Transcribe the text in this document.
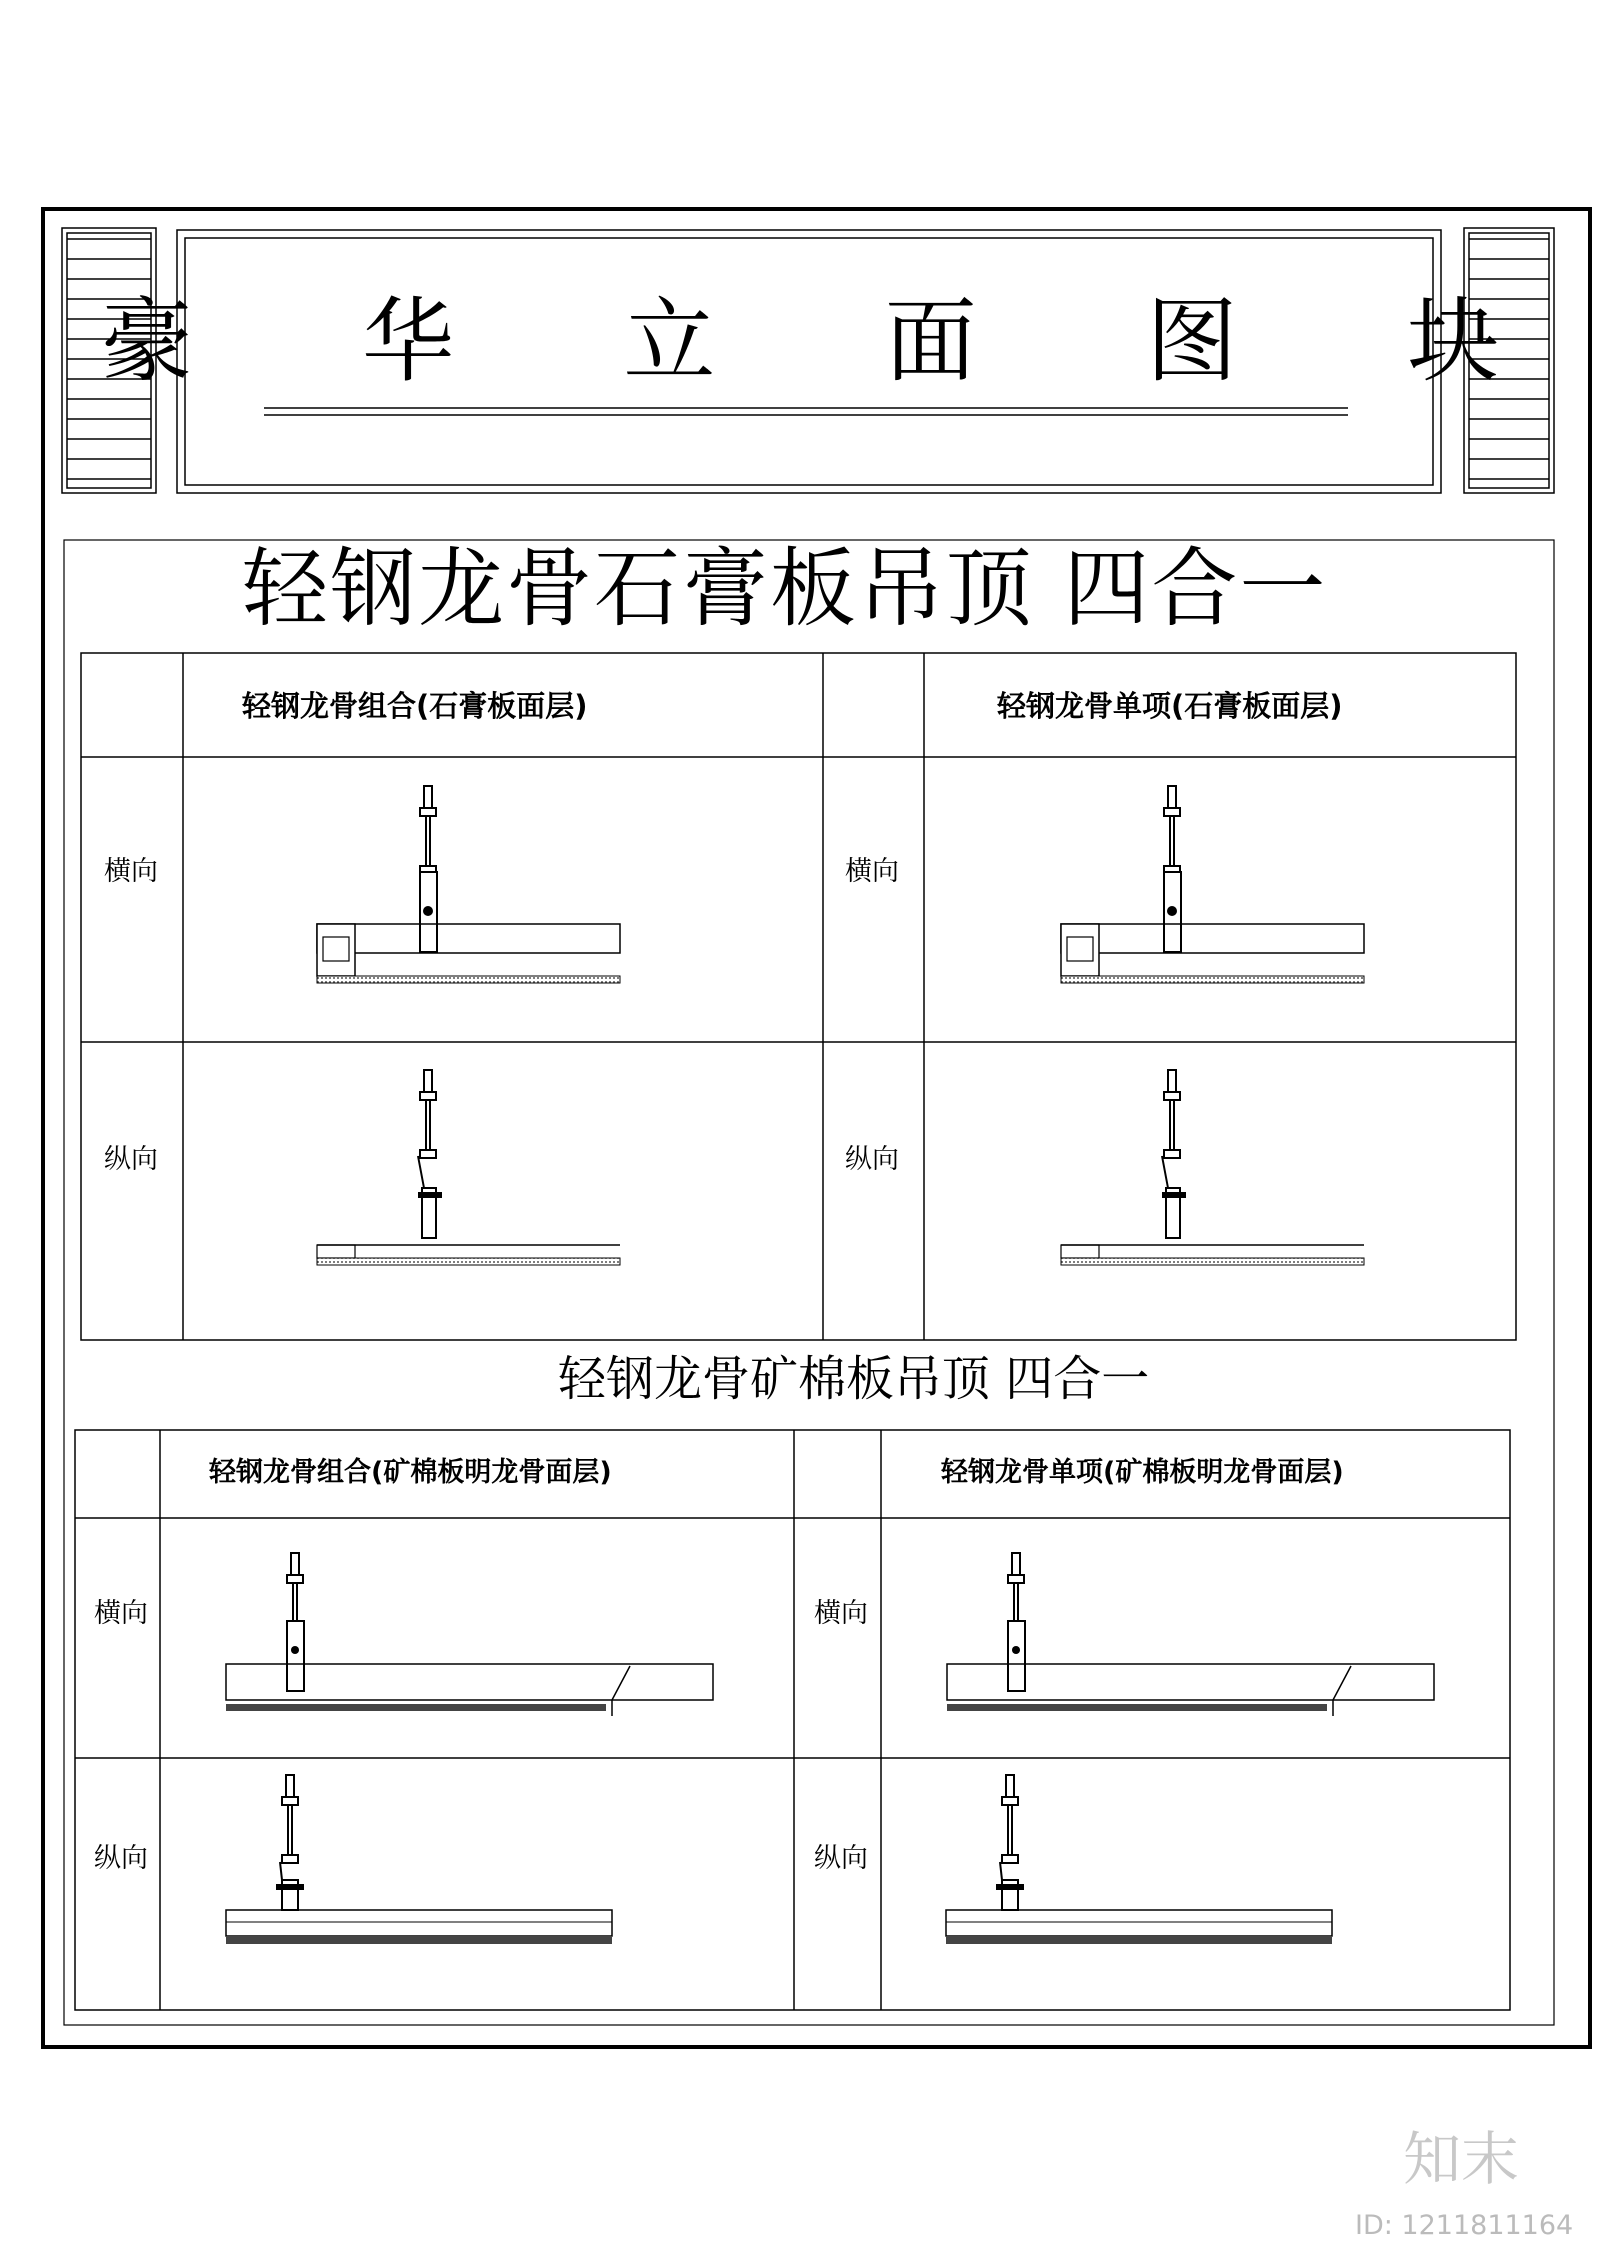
豪 华 立 面 图 块
轻钢龙骨石膏板吊顶 四合一
轻钢龙骨组合(石膏板面层)	轻钢龙骨单项(石膏板面层)
横向	横向
纵向	纵向
轻钢龙骨矿棉板吊顶 四合一
轻钢龙骨组合(矿棉板明龙骨面层)	轻钢龙骨单项(矿棉板明龙骨面层)
横向	横向
纵向	纵向
知末
ID: 1211811164
